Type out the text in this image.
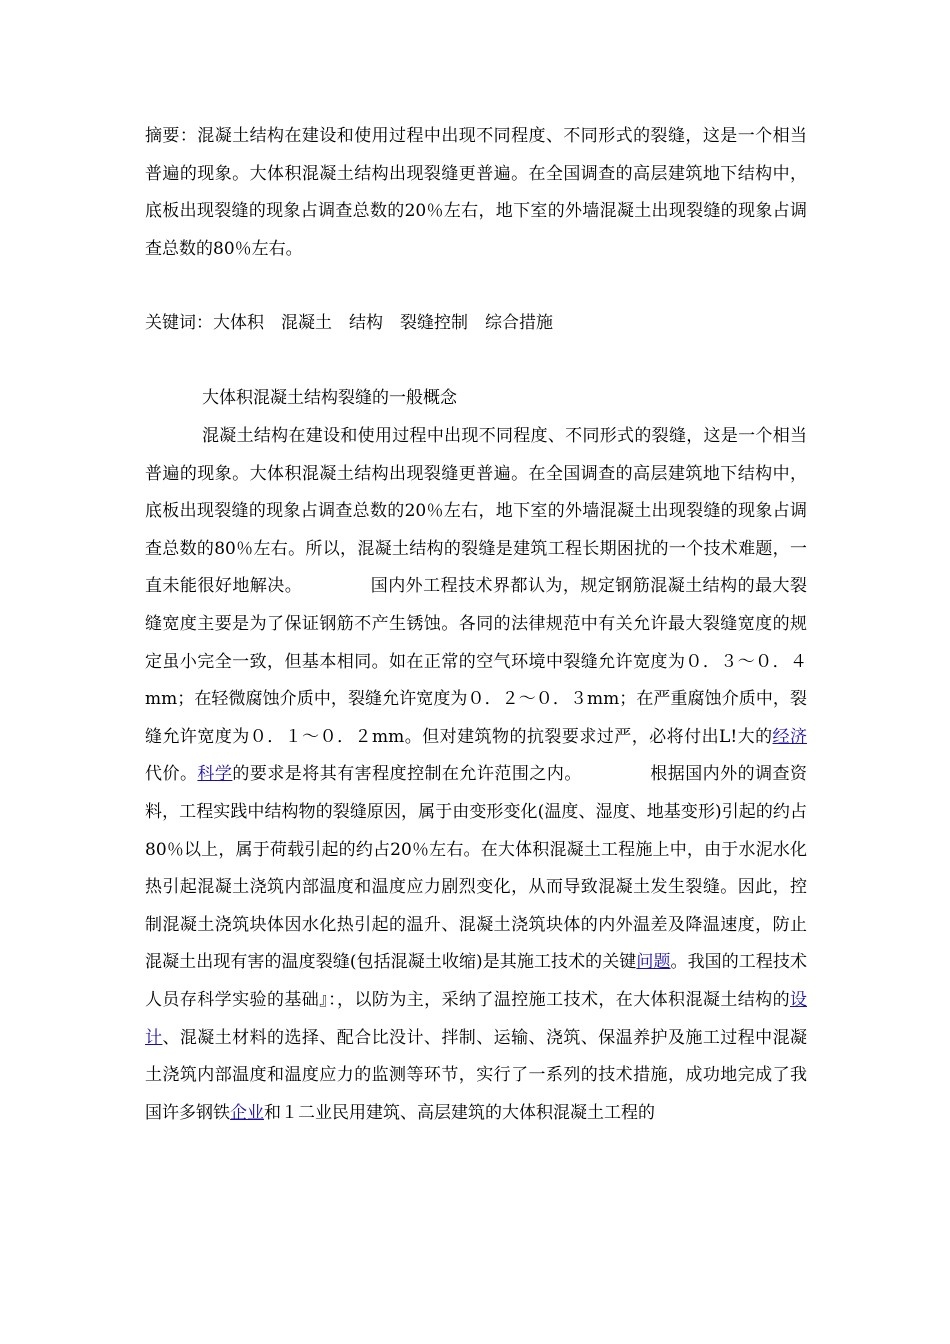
摘要：混凝土结构在建设和使用过程中出现不同程度、不同形式的裂缝，这是一个相当普遍的现象。大体积混凝土结构出现裂缝更普遍。在全国调查的高层建筑地下结构中，底板出现裂缝的现象占调查总数的20％左右，地下室的外墙混凝土出现裂缝的现象占调查总数的80％左右。
关键词：大体积　混凝土　结构　裂缝控制　综合措施
大体积混凝土结构裂缝的一般概念
混凝土结构在建设和使用过程中出现不同程度、不同形式的裂缝，这是一个相当普遍的现象。大体积混凝土结构出现裂缝更普遍。在全国调查的高层建筑地下结构中，底板出现裂缝的现象占调查总数的20％左右，地下室的外墙混凝土出现裂缝的现象占调查总数的80％左右。所以，混凝土结构的裂缝是建筑工程长期困扰的一个技术难题，一直未能很好地解决。	国内外工程技术界都认为，规定钢筋混凝土结构的最大裂缝宽度主要是为了保证钢筋不产生锈蚀。各同的法律规范中有关允许最大裂缝宽度的规定虽小完全一致，但基本相同。如在正常的空气环境中裂缝允许宽度为０．３～０．４mm；在轻微腐蚀介质中，裂缝允许宽度为０．２～０．３mm；在严重腐蚀介质中，裂缝允许宽度为０．１～０．２mm。但对建筑物的抗裂要求过严，必将付出L!大的经济代价。科学的要求是将其有害程度控制在允许范围之内。	根据国内外的调查资料，工程实践中结构物的裂缝原因，属于由变形变化(温度、湿度、地基变形)引起的约占80％以上，属于荷载引起的约占20％左右。在大体积混凝土工程施上中，由于水泥水化热引起混凝土浇筑内部温度和温度应力剧烈变化，从而导致混凝土发生裂缝。因此，控制混凝土浇筑块体因水化热引起的温升、混凝土浇筑块体的内外温差及降温速度，防止混凝土出现有害的温度裂缝(包括混凝土收缩)是其施工技术的关键问题。我国的工程技术人员存科学实验的基础』：，以防为主，采纳了温控施工技术，在大体积混凝土结构的设计、混凝土材料的选择、配合比没计、拌制、运输、浇筑、保温养护及施工过程中混凝土浇筑内部温度和温度应力的监测等环节，实行了一系列的技术措施，成功地完成了我国许多钢铁企业和１二业民用建筑、高层建筑的大体积混凝土工程的
